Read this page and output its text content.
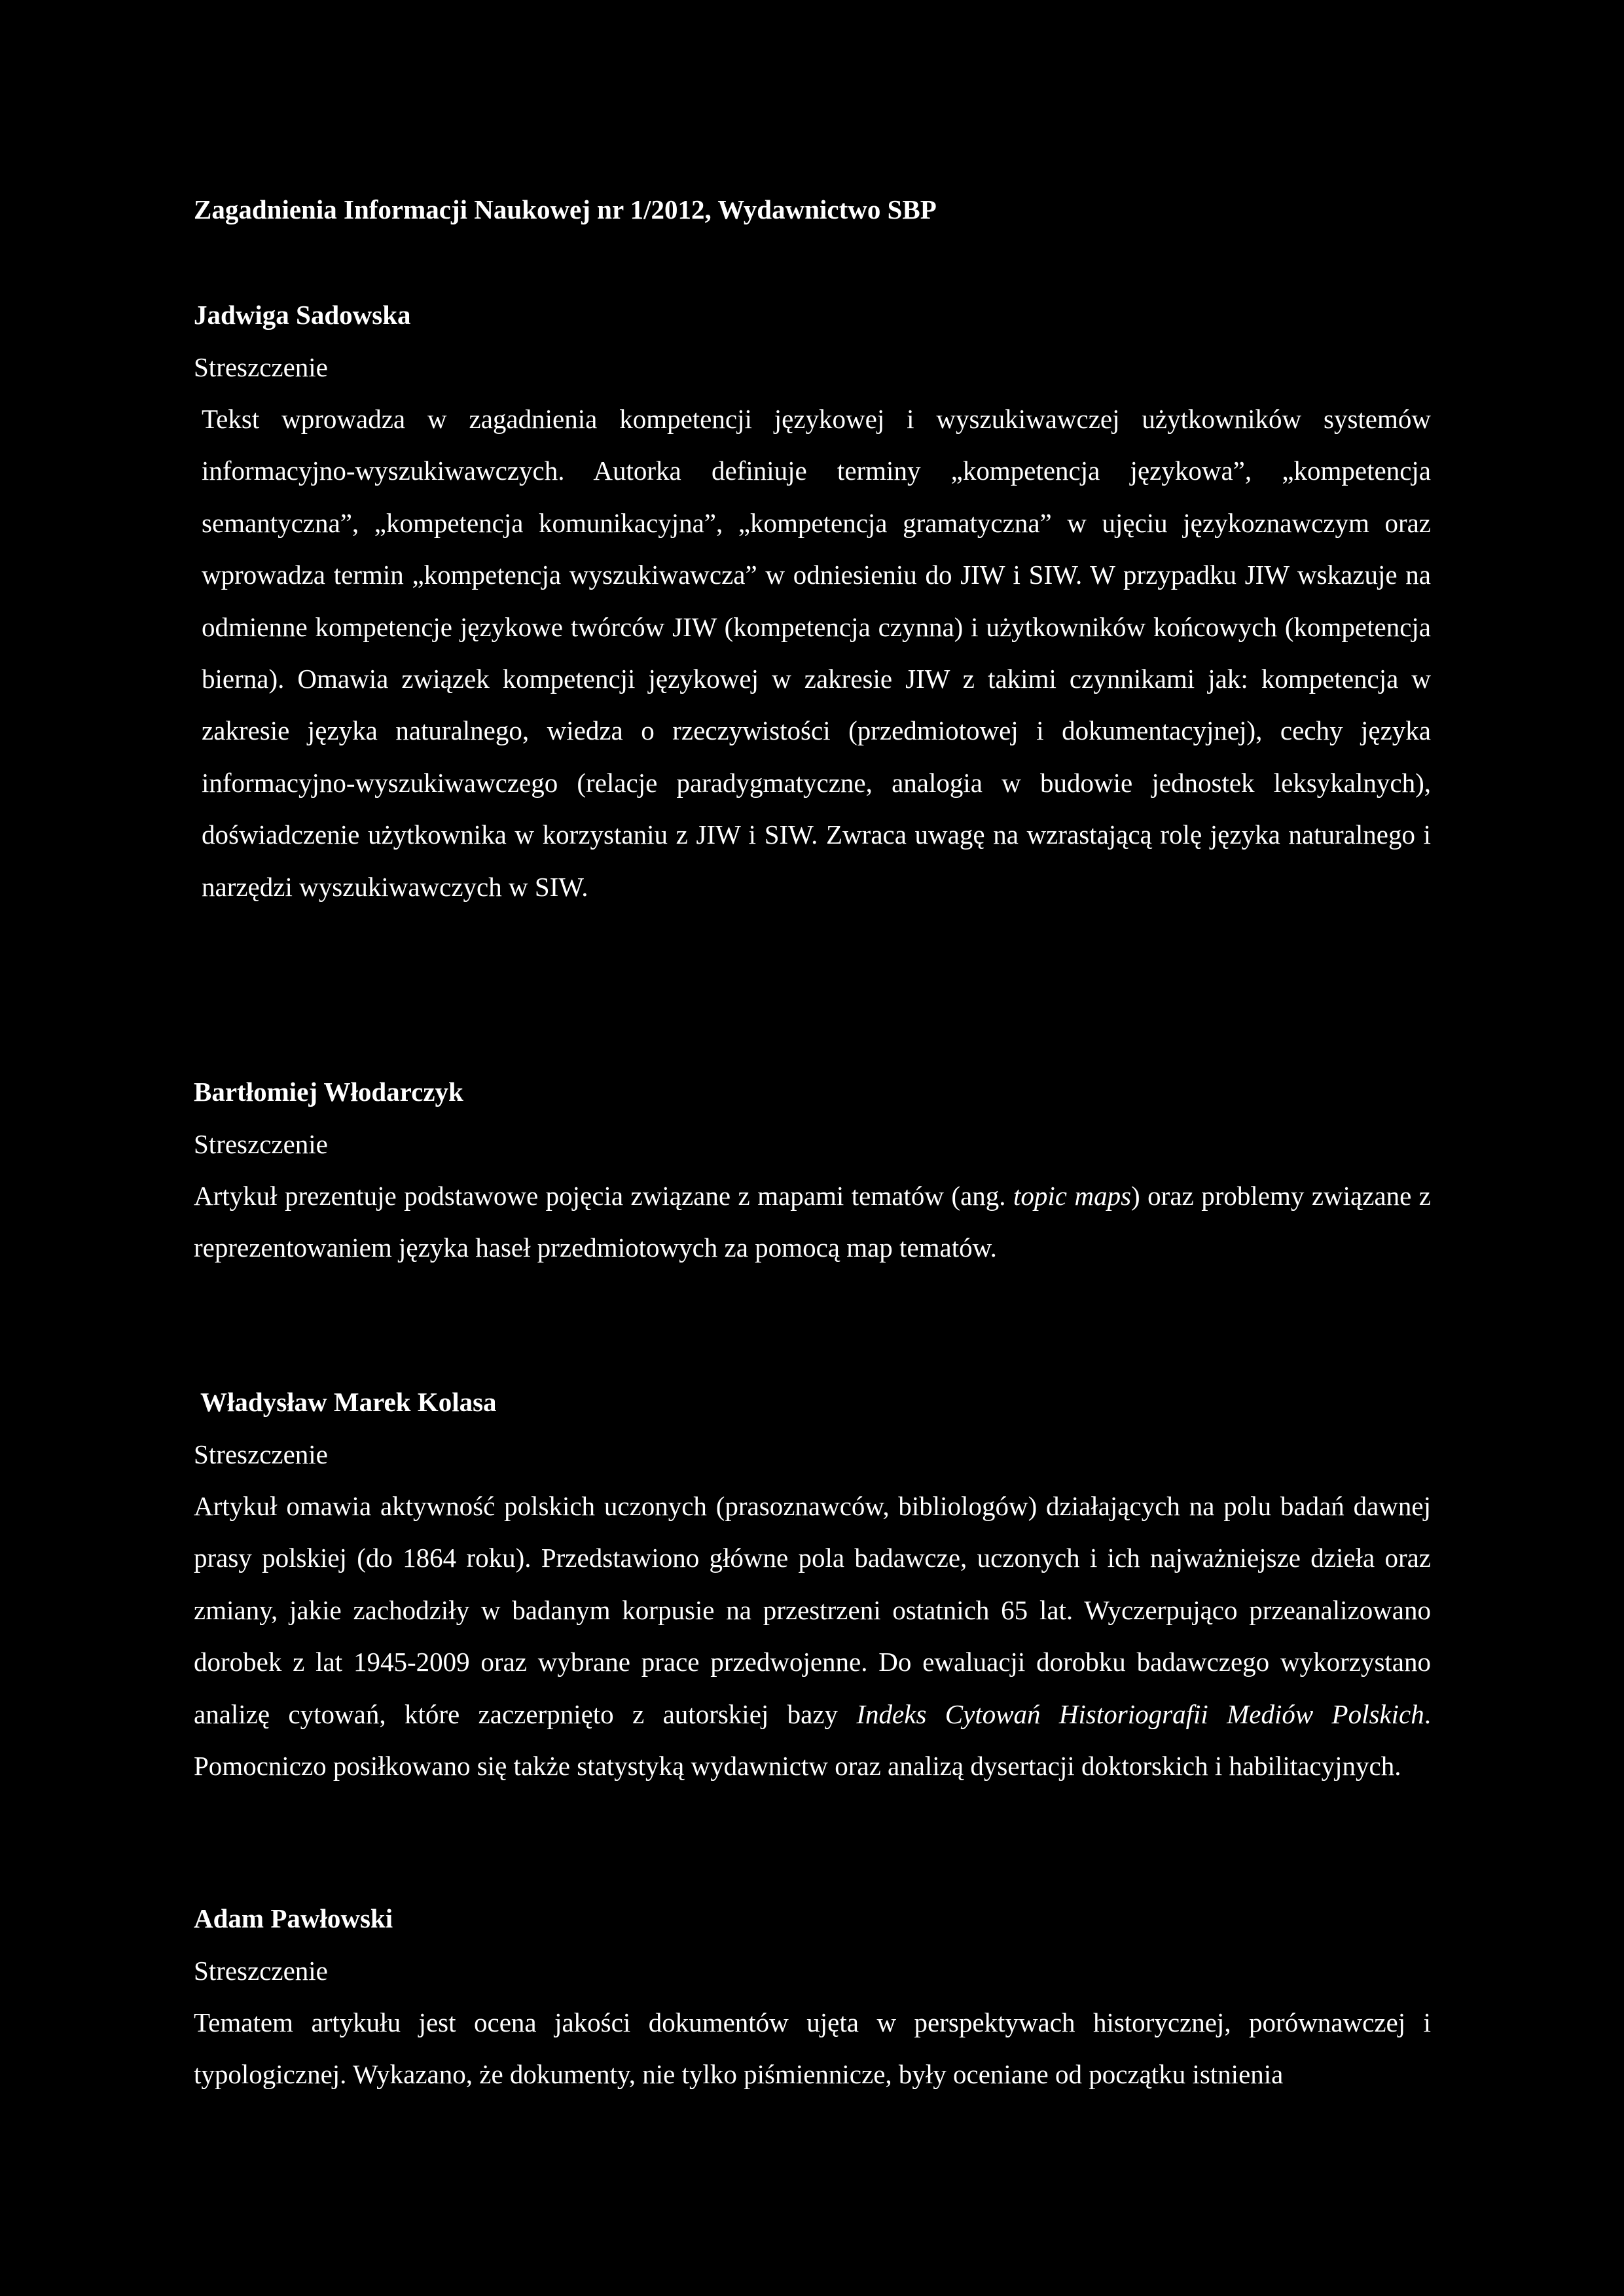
Zagadnienia Informacji Naukowej nr 1/2012, Wydawnictwo SBP
Jadwiga Sadowska
Streszczenie

Tekst wprowadza w zagadnienia kompetencji językowej i wyszukiwawczej użytkowników systemów informacyjno-wyszukiwawczych. Autorka definiuje terminy „kompetencja językowa”, „kompetencja semantyczna”, „kompetencja komunikacyjna”, „kompetencja gramatyczna” w ujęciu językoznawczym oraz wprowadza termin „kompetencja wyszukiwawcza” w odniesieniu do JIW i SIW. W przypadku JIW wskazuje na odmienne kompetencje językowe twórców JIW (kompetencja czynna) i użytkowników końcowych (kompetencja bierna). Omawia związek kompetencji językowej w zakresie JIW z takimi czynnikami jak: kompetencja w zakresie języka naturalnego, wiedza o rzeczywistości (przedmiotowej i dokumentacyjnej), cechy języka informacyjno-wyszukiwawczego (relacje paradygmatyczne, analogia w budowie jednostek leksykalnych), doświadczenie użytkownika w korzystaniu z JIW i SIW. Zwraca uwagę na wzrastającą rolę języka naturalnego i narzędzi wyszukiwawczych w SIW.

Bartłomiej Włodarczyk
Streszczenie

Artykuł prezentuje podstawowe pojęcia związane z mapami tematów (ang. topic maps) oraz problemy związane z reprezentowaniem języka haseł przedmiotowych za pomocą map tematów.

Władysław Marek Kolasa
Streszczenie

Artykuł omawia aktywność polskich uczonych (prasoznawców, bibliologów) działających na polu badań dawnej prasy polskiej (do 1864 roku). Przedstawiono główne pola badawcze, uczonych i ich najważniejsze dzieła oraz zmiany, jakie zachodziły w badanym korpusie na przestrzeni ostatnich 65 lat. Wyczerpująco przeanalizowano dorobek z lat 1945-2009 oraz wybrane prace przedwojenne. Do ewaluacji dorobku badawczego wykorzystano analizę cytowań, które zaczerpnięto z autorskiej bazy Indeks Cytowań Historiografii Mediów Polskich. Pomocniczo posiłkowano się także statystyką wydawnictw oraz analizą dysertacji doktorskich i habilitacyjnych.

Adam Pawłowski
Streszczenie

Tematem artykułu jest ocena jakości dokumentów ujęta w perspektywach historycznej, porównawczej i typologicznej. Wykazano, że dokumenty, nie tylko piśmiennicze, były oceniane od początku istnienia
